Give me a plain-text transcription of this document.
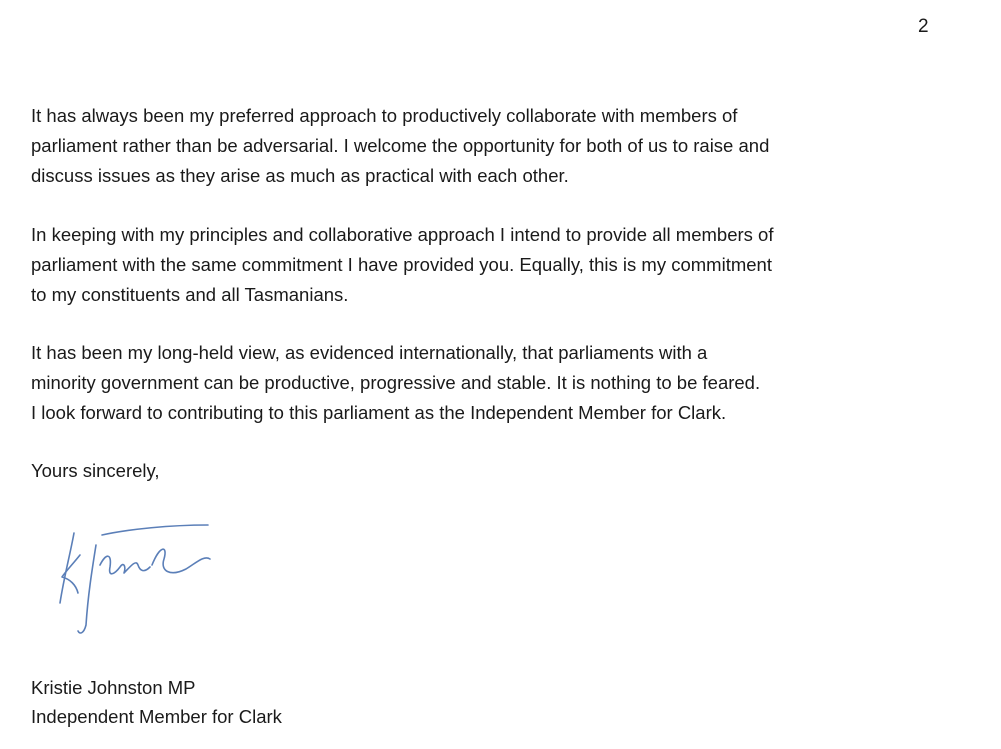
2

It has always been my preferred approach to productively collaborate with members of
parliament rather than be adversarial. I welcome the opportunity for both of us to raise and
discuss issues as they arise as much as practical with each other.

In keeping with my principles and collaborative approach I intend to provide all members of
parliament with the same commitment I have provided you. Equally, this is my commitment
to my constituents and all Tasmanians.

It has been my long-held view, as evidenced internationally, that parliaments with a
minority government can be productive, progressive and stable. It is nothing to be feared.
I look forward to contributing to this parliament as the Independent Member for Clark.

Yours sincerely,

Kristie Johnston MP

Independent Member for Clark
